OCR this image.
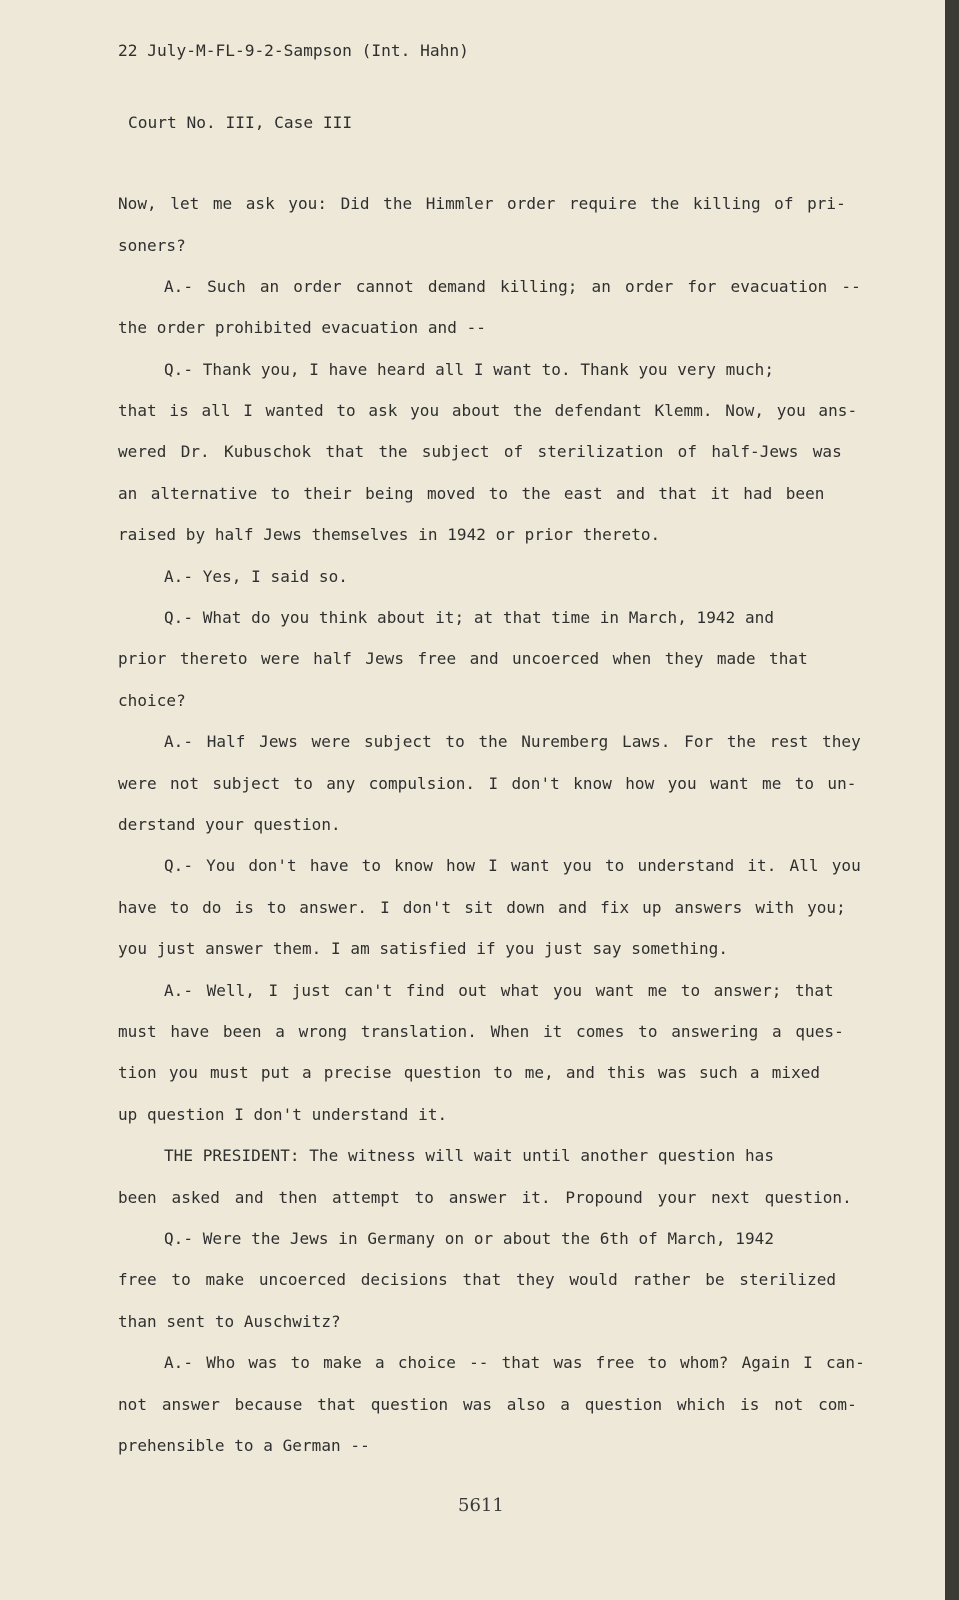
22 July-M-FL-9-2-Sampson (Int. Hahn)
Court No. III, Case III
Now, let me ask you: Did the Himmler order require the killing of pri-
soners?
A.- Such an order cannot demand killing; an order for evacuation --
the order prohibited evacuation and --
Q.- Thank you, I have heard all I want to. Thank you very much;
that is all I wanted to ask you about the defendant Klemm. Now, you ans-
wered Dr. Kubuschok that the subject of sterilization of half-Jews was
an alternative to their being moved to the east and that it had been
raised by half Jews themselves in 1942 or prior thereto.
A.- Yes, I said so.
Q.- What do you think about it; at that time in March, 1942 and
prior thereto were half Jews free and uncoerced when they made that
choice?
A.- Half Jews were subject to the Nuremberg Laws. For the rest they
were not subject to any compulsion. I don't know how you want me to un-
derstand your question.
Q.- You don't have to know how I want you to understand it. All you
have to do is to answer. I don't sit down and fix up answers with you;
you just answer them. I am satisfied if you just say something.
A.- Well, I just can't find out what you want me to answer; that
must have been a wrong translation. When it comes to answering a ques-
tion you must put a precise question to me, and this was such a mixed
up question I don't understand it.
THE PRESIDENT: The witness will wait until another question has
been asked and then attempt to answer it. Propound your next question.
Q.- Were the Jews in Germany on or about the 6th of March, 1942
free to make uncoerced decisions that they would rather be sterilized
than sent to Auschwitz?
A.- Who was to make a choice -- that was free to whom? Again I can-
not answer because that question was also a question which is not com-
prehensible to a German --
5611
